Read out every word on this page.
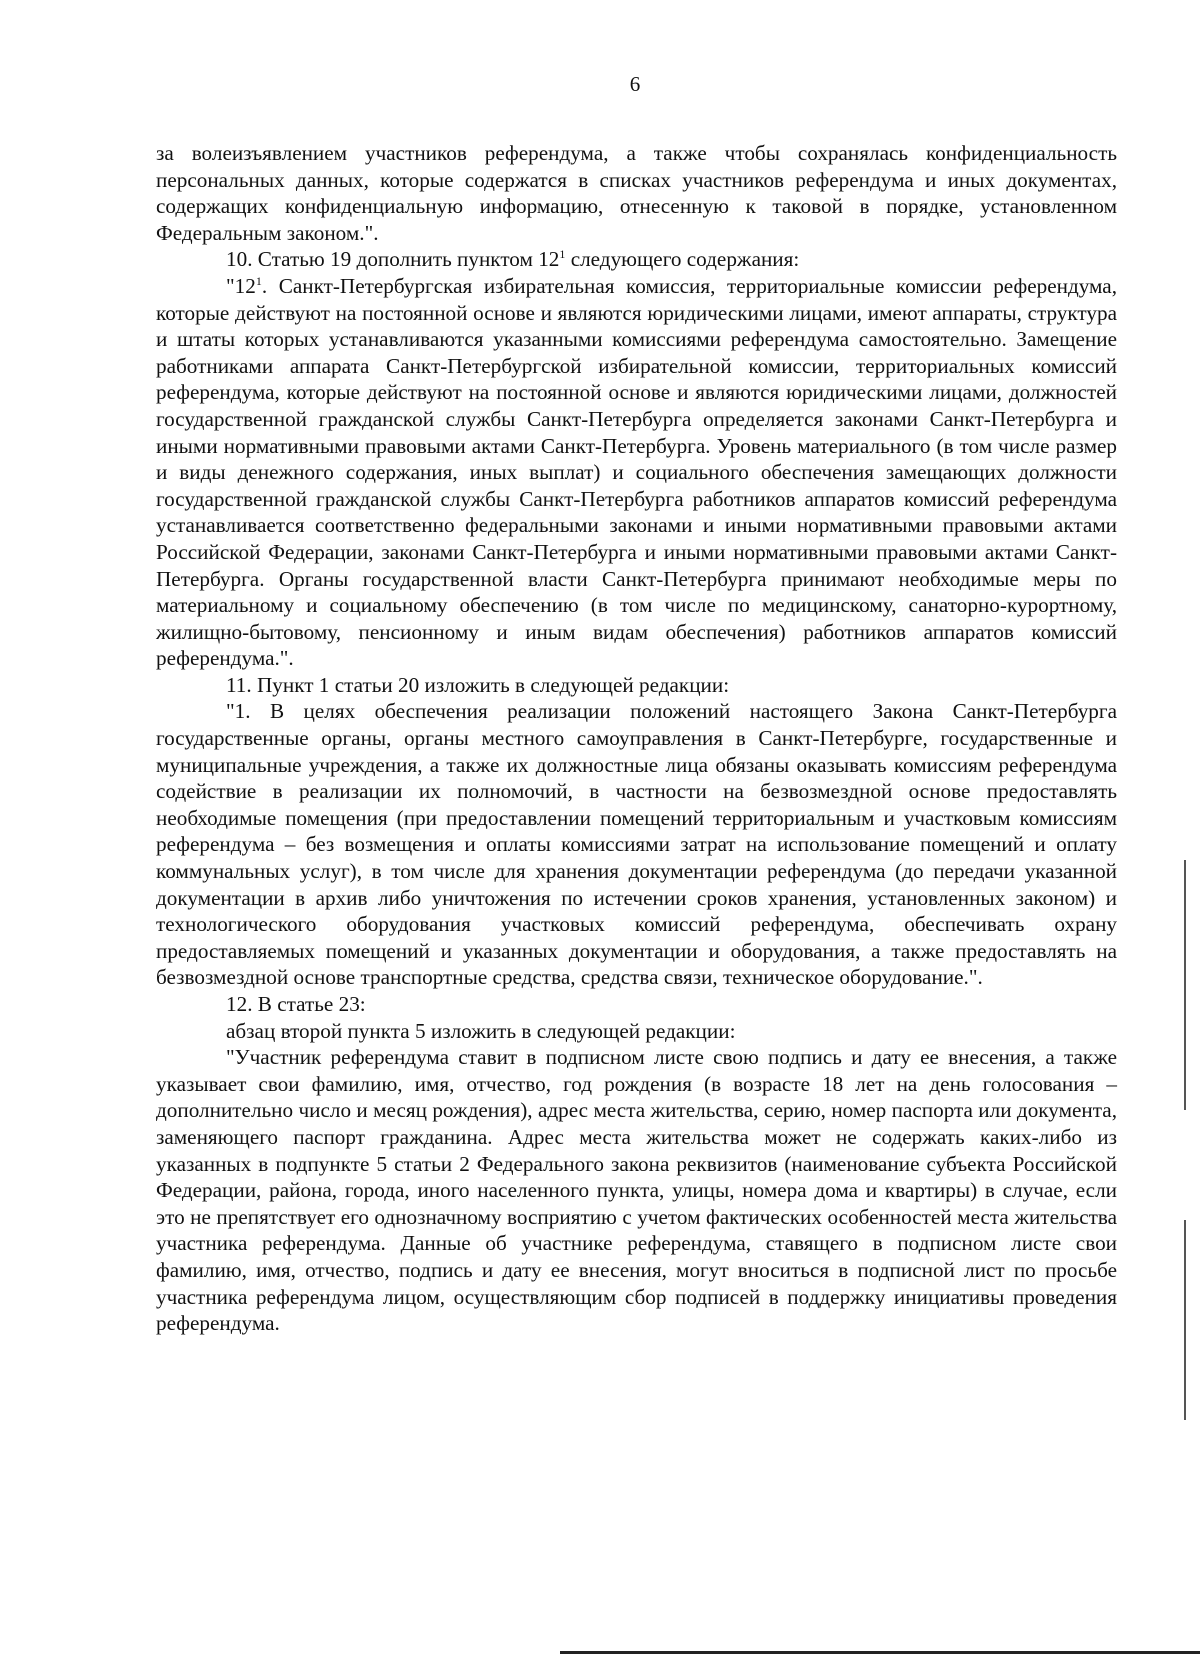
6

за волеизъявлением участников референдума, а также чтобы сохранялась конфиденциальность персональных данных, которые содержатся в списках участников референдума и иных документах, содержащих конфиденциальную информацию, отнесенную к таковой в порядке, установленном Федеральным законом.".

10. Статью 19 дополнить пунктом $12^1$ следующего содержания:

"$12^1$. Санкт-Петербургская избирательная комиссия, территориальные комиссии референдума, которые действуют на постоянной основе и являются юридическими лицами, имеют аппараты, структура и штаты которых устанавливаются указанными комиссиями референдума самостоятельно. Замещение работниками аппарата Санкт-Петербургской избирательной комиссии, территориальных комиссий референдума, которые действуют на постоянной основе и являются юридическими лицами, должностей государственной гражданской службы Санкт-Петербурга определяется законами Санкт-Петербурга и иными нормативными правовыми актами Санкт-Петербурга. Уровень материального (в том числе размер и виды денежного содержания, иных выплат) и социального обеспечения замещающих должности государственной гражданской службы Санкт-Петербурга работников аппаратов комиссий референдума устанавливается соответственно федеральными законами и иными нормативными правовыми актами Российской Федерации, законами Санкт-Петербурга и иными нормативными правовыми актами Санкт-Петербурга. Органы государственной власти Санкт-Петербурга принимают необходимые меры по материальному и социальному обеспечению (в том числе по медицинскому, санаторно-курортному, жилищно-бытовому, пенсионному и иным видам обеспечения) работников аппаратов комиссий референдума.".

11. Пункт 1 статьи 20 изложить в следующей редакции:

"1. В целях обеспечения реализации положений настоящего Закона Санкт-Петербурга государственные органы, органы местного самоуправления в Санкт-Петербурге, государственные и муниципальные учреждения, а также их должностные лица обязаны оказывать комиссиям референдума содействие в реализации их полномочий, в частности на безвозмездной основе предоставлять необходимые помещения (при предоставлении помещений территориальным и участковым комиссиям референдума – без возмещения и оплаты комиссиями затрат на использование помещений и оплату коммунальных услуг), в том числе для хранения документации референдума (до передачи указанной документации в архив либо уничтожения по истечении сроков хранения, установленных законом) и технологического оборудования участковых комиссий референдума, обеспечивать охрану предоставляемых помещений и указанных документации и оборудования, а также предоставлять на безвозмездной основе транспортные средства, средства связи, техническое оборудование.".

12. В статье 23:

абзац второй пункта 5 изложить в следующей редакции:

"Участник референдума ставит в подписном листе свою подпись и дату ее внесения, а также указывает свои фамилию, имя, отчество, год рождения (в возрасте 18 лет на день голосования – дополнительно число и месяц рождения), адрес места жительства, серию, номер паспорта или документа, заменяющего паспорт гражданина. Адрес места жительства может не содержать каких-либо из указанных в подпункте 5 статьи 2 Федерального закона реквизитов (наименование субъекта Российской Федерации, района, города, иного населенного пункта, улицы, номера дома и квартиры) в случае, если это не препятствует его однозначному восприятию с учетом фактических особенностей места жительства участника референдума. Данные об участнике референдума, ставящего в подписном листе свои фамилию, имя, отчество, подпись и дату ее внесения, могут вноситься в подписной лист по просьбе участника референдума лицом, осуществляющим сбор подписей в поддержку инициативы проведения референдума.
